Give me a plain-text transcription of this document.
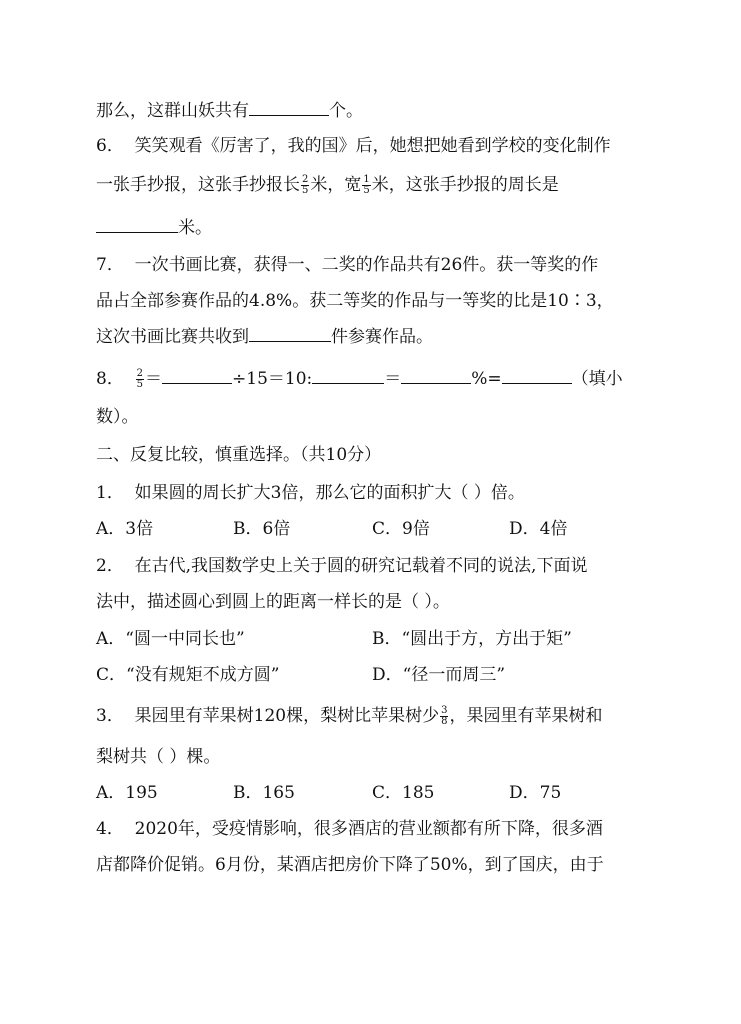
那么，这群山妖共有	个。
6． 笑笑观看《厉害了，我的国》后，她想把她看到学校的变化制作
一张手抄报，这张手抄报长 $\frac{2}{5}$ 米，宽 $\frac{1}{5}$ 米，这张手抄报的周长是
米。
7． 一次书画比赛，获得一、二奖的作品共有26件。获一等奖的作
品占全部参赛作品的4.8%。获二等奖的作品与一等奖的比是10∶3，
这次书画比赛共收到	件参赛作品。
8． $\frac{2}{5}$ ＝	÷15＝10:	＝	%=	（填小
数）。
二、反复比较，慎重选择。（共10分）
1． 如果圆的周长扩大3倍，那么它的面积扩大（ ）倍。
A．3倍	B．6倍	C．9倍	D．4倍
2． 在古代,我国数学史上关于圆的研究记载着不同的说法,下面说
法中，描述圆心到圆上的距离一样长的是（ ）。
A．“圆一中同长也”	B．“圆出于方，方出于矩”
C．“没有规矩不成方圆”	D．“径一而周三”
3． 果园里有苹果树120棵，梨树比苹果树少 $\frac{3}{8}$ ，果园里有苹果树和
梨树共（ ）棵。
A．195	B．165	C．185	D．75
4． 2020年，受疫情影响，很多酒店的营业额都有所下降，很多酒
店都降价促销。6月份，某酒店把房价下降了50%，到了国庆，由于
